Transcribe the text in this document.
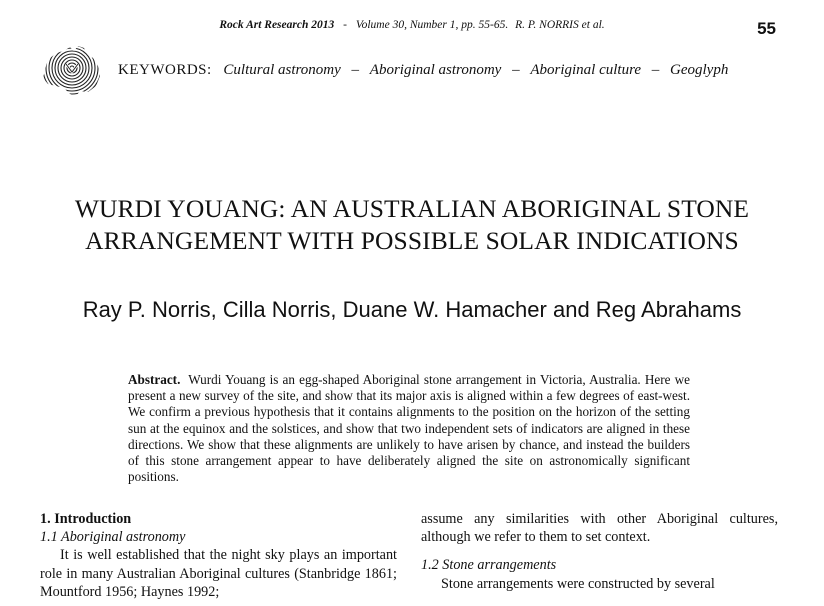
Rock Art Research 2013 - Volume 30, Number 1, pp. 55-65. R. P. NORRIS et al.	55
KEYWORDS: Cultural astronomy – Aboriginal astronomy – Aboriginal culture – Geoglyph
WURDI YOUANG: AN AUSTRALIAN ABORIGINAL STONE
ARRANGEMENT WITH POSSIBLE SOLAR INDICATIONS
Ray P. Norris, Cilla Norris, Duane W. Hamacher and Reg Abrahams
Abstract. Wurdi Youang is an egg-shaped Aboriginal stone arrangement in Victoria, Australia. Here we present a new survey of the site, and show that its major axis is aligned within a few degrees of east-west. We confirm a previous hypothesis that it contains alignments to the position on the horizon of the setting sun at the equinox and the solstices, and show that two independent sets of indicators are aligned in these directions. We show that these alignments are unlikely to have arisen by chance, and instead the builders of this stone arrangement appear to have deliberately aligned the site on astronomically significant positions.
1. Introduction
1.1 Aboriginal astronomy
It is well established that the night sky plays an important role in many Australian Aboriginal cultures (Stanbridge 1861; Mountford 1956; Haynes 1992;
assume any similarities with other Aboriginal cultures, although we refer to them to set context.
1.2 Stone arrangements
Stone arrangements were constructed by several
